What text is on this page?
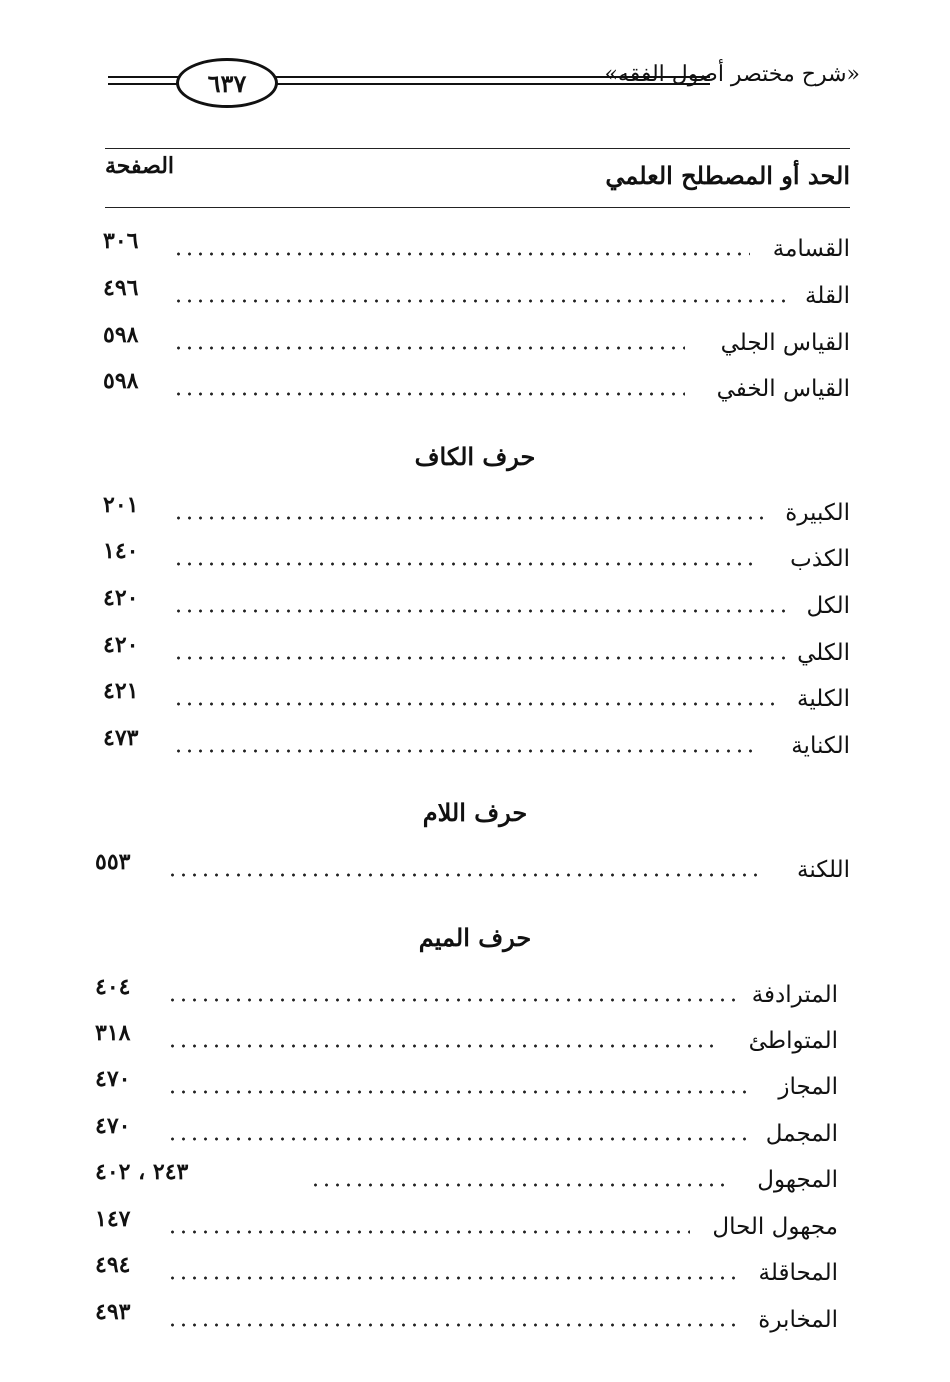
٦٣٧	«شرح مختصر أصول الفقه»
الحد أو المصطلح العلمي
الصفحة
القسامة
٣٠٦
القلة
٤٩٦
القياس الجلي
٥٩٨
القياس الخفي
٥٩٨
حرف الكاف
الكبيرة
٢٠١
الكذب
١٤٠
الكل
٤٢٠
الكلي
٤٢٠
الكلية
٤٢١
الكناية
٤٧٣
حرف اللام
اللكنة
٥٥٣
حرف الميم
المترادفة
٤٠٤
المتواطئ
٣١٨
المجاز
٤٧٠
المجمل
٤٧٠
المجهول
٢٤٣ ، ٤٠٢
مجهول الحال
١٤٧
المحاقلة
٤٩٤
المخابرة
٤٩٣
